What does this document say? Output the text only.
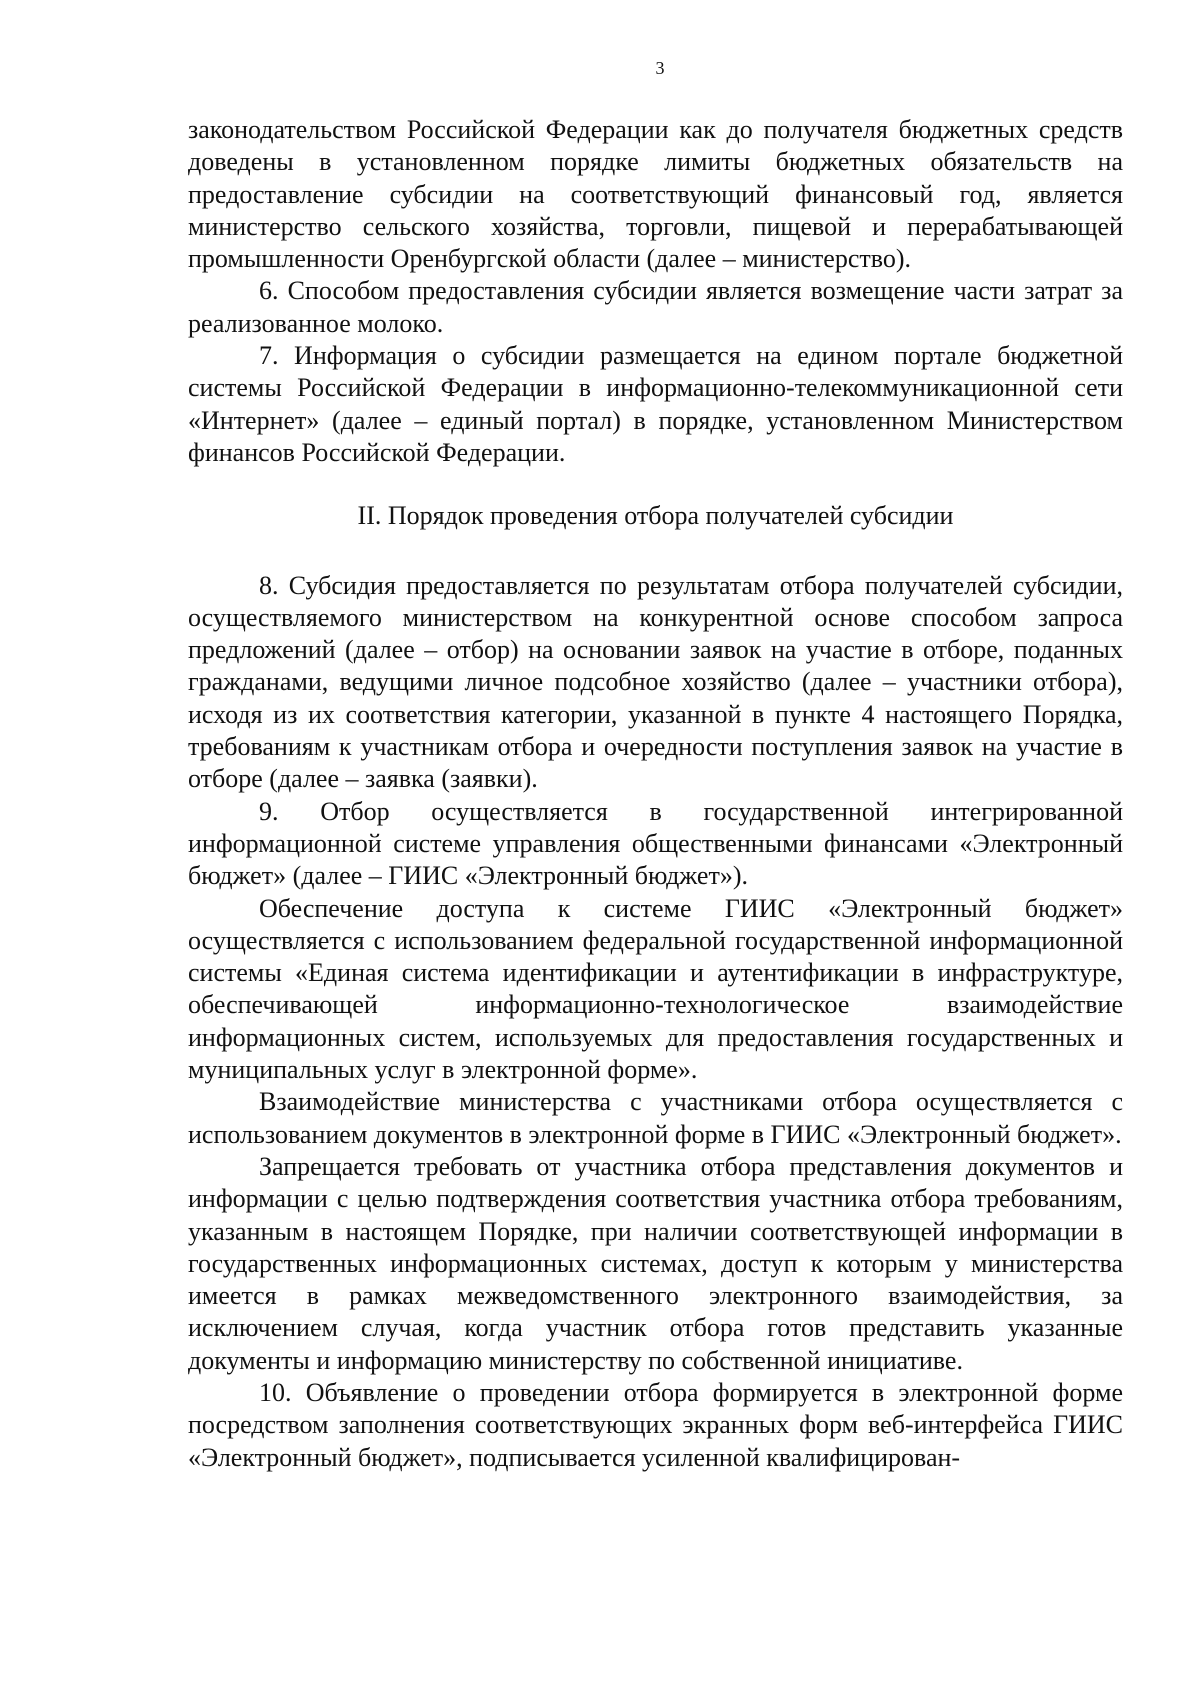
3

законодательством Российской Федерации как до получателя бюджетных средств доведены в установленном порядке лимиты бюджетных обязательств на предоставление субсидии на соответствующий финансовый год, является министерство сельского хозяйства, торговли, пищевой и перерабатывающей промышленности Оренбургской области (далее – министерство).

6. Способом предоставления субсидии является возмещение части затрат за реализованное молоко.

7. Информация о субсидии размещается на едином портале бюджетной системы Российской Федерации в информационно-телекоммуникационной сети «Интернет» (далее – единый портал) в порядке, установленном Министерством финансов Российской Федерации.

II. Порядок проведения отбора получателей субсидии

8. Субсидия предоставляется по результатам отбора получателей субсидии, осуществляемого министерством на конкурентной основе способом запроса предложений (далее – отбор) на основании заявок на участие в отборе, поданных гражданами, ведущими личное подсобное хозяйство (далее – участники отбора), исходя из их соответствия категории, указанной в пункте 4 настоящего Порядка, требованиям к участникам отбора и очередности поступления заявок на участие в отборе (далее – заявка (заявки).

9. Отбор осуществляется в государственной интегрированной информационной системе управления общественными финансами «Электронный бюджет» (далее – ГИИС «Электронный бюджет»).

Обеспечение доступа к системе ГИИС «Электронный бюджет» осуществляется с использованием федеральной государственной информационной системы «Единая система идентификации и аутентификации в инфраструктуре, обеспечивающей информационно-технологическое взаимодействие информационных систем, используемых для предоставления государственных и муниципальных услуг в электронной форме».

Взаимодействие министерства с участниками отбора осуществляется с использованием документов в электронной форме в ГИИС «Электронный бюджет».

Запрещается требовать от участника отбора представления документов и информации с целью подтверждения соответствия участника отбора требованиям, указанным в настоящем Порядке, при наличии соответствующей информации в государственных информационных системах, доступ к которым у министерства имеется в рамках межведомственного электронного взаимодействия, за исключением случая, когда участник отбора готов представить указанные документы и информацию министерству по собственной инициативе.

10. Объявление о проведении отбора формируется в электронной форме посредством заполнения соответствующих экранных форм веб-интерфейса ГИИС «Электронный бюджет», подписывается усиленной квалифицирован-
